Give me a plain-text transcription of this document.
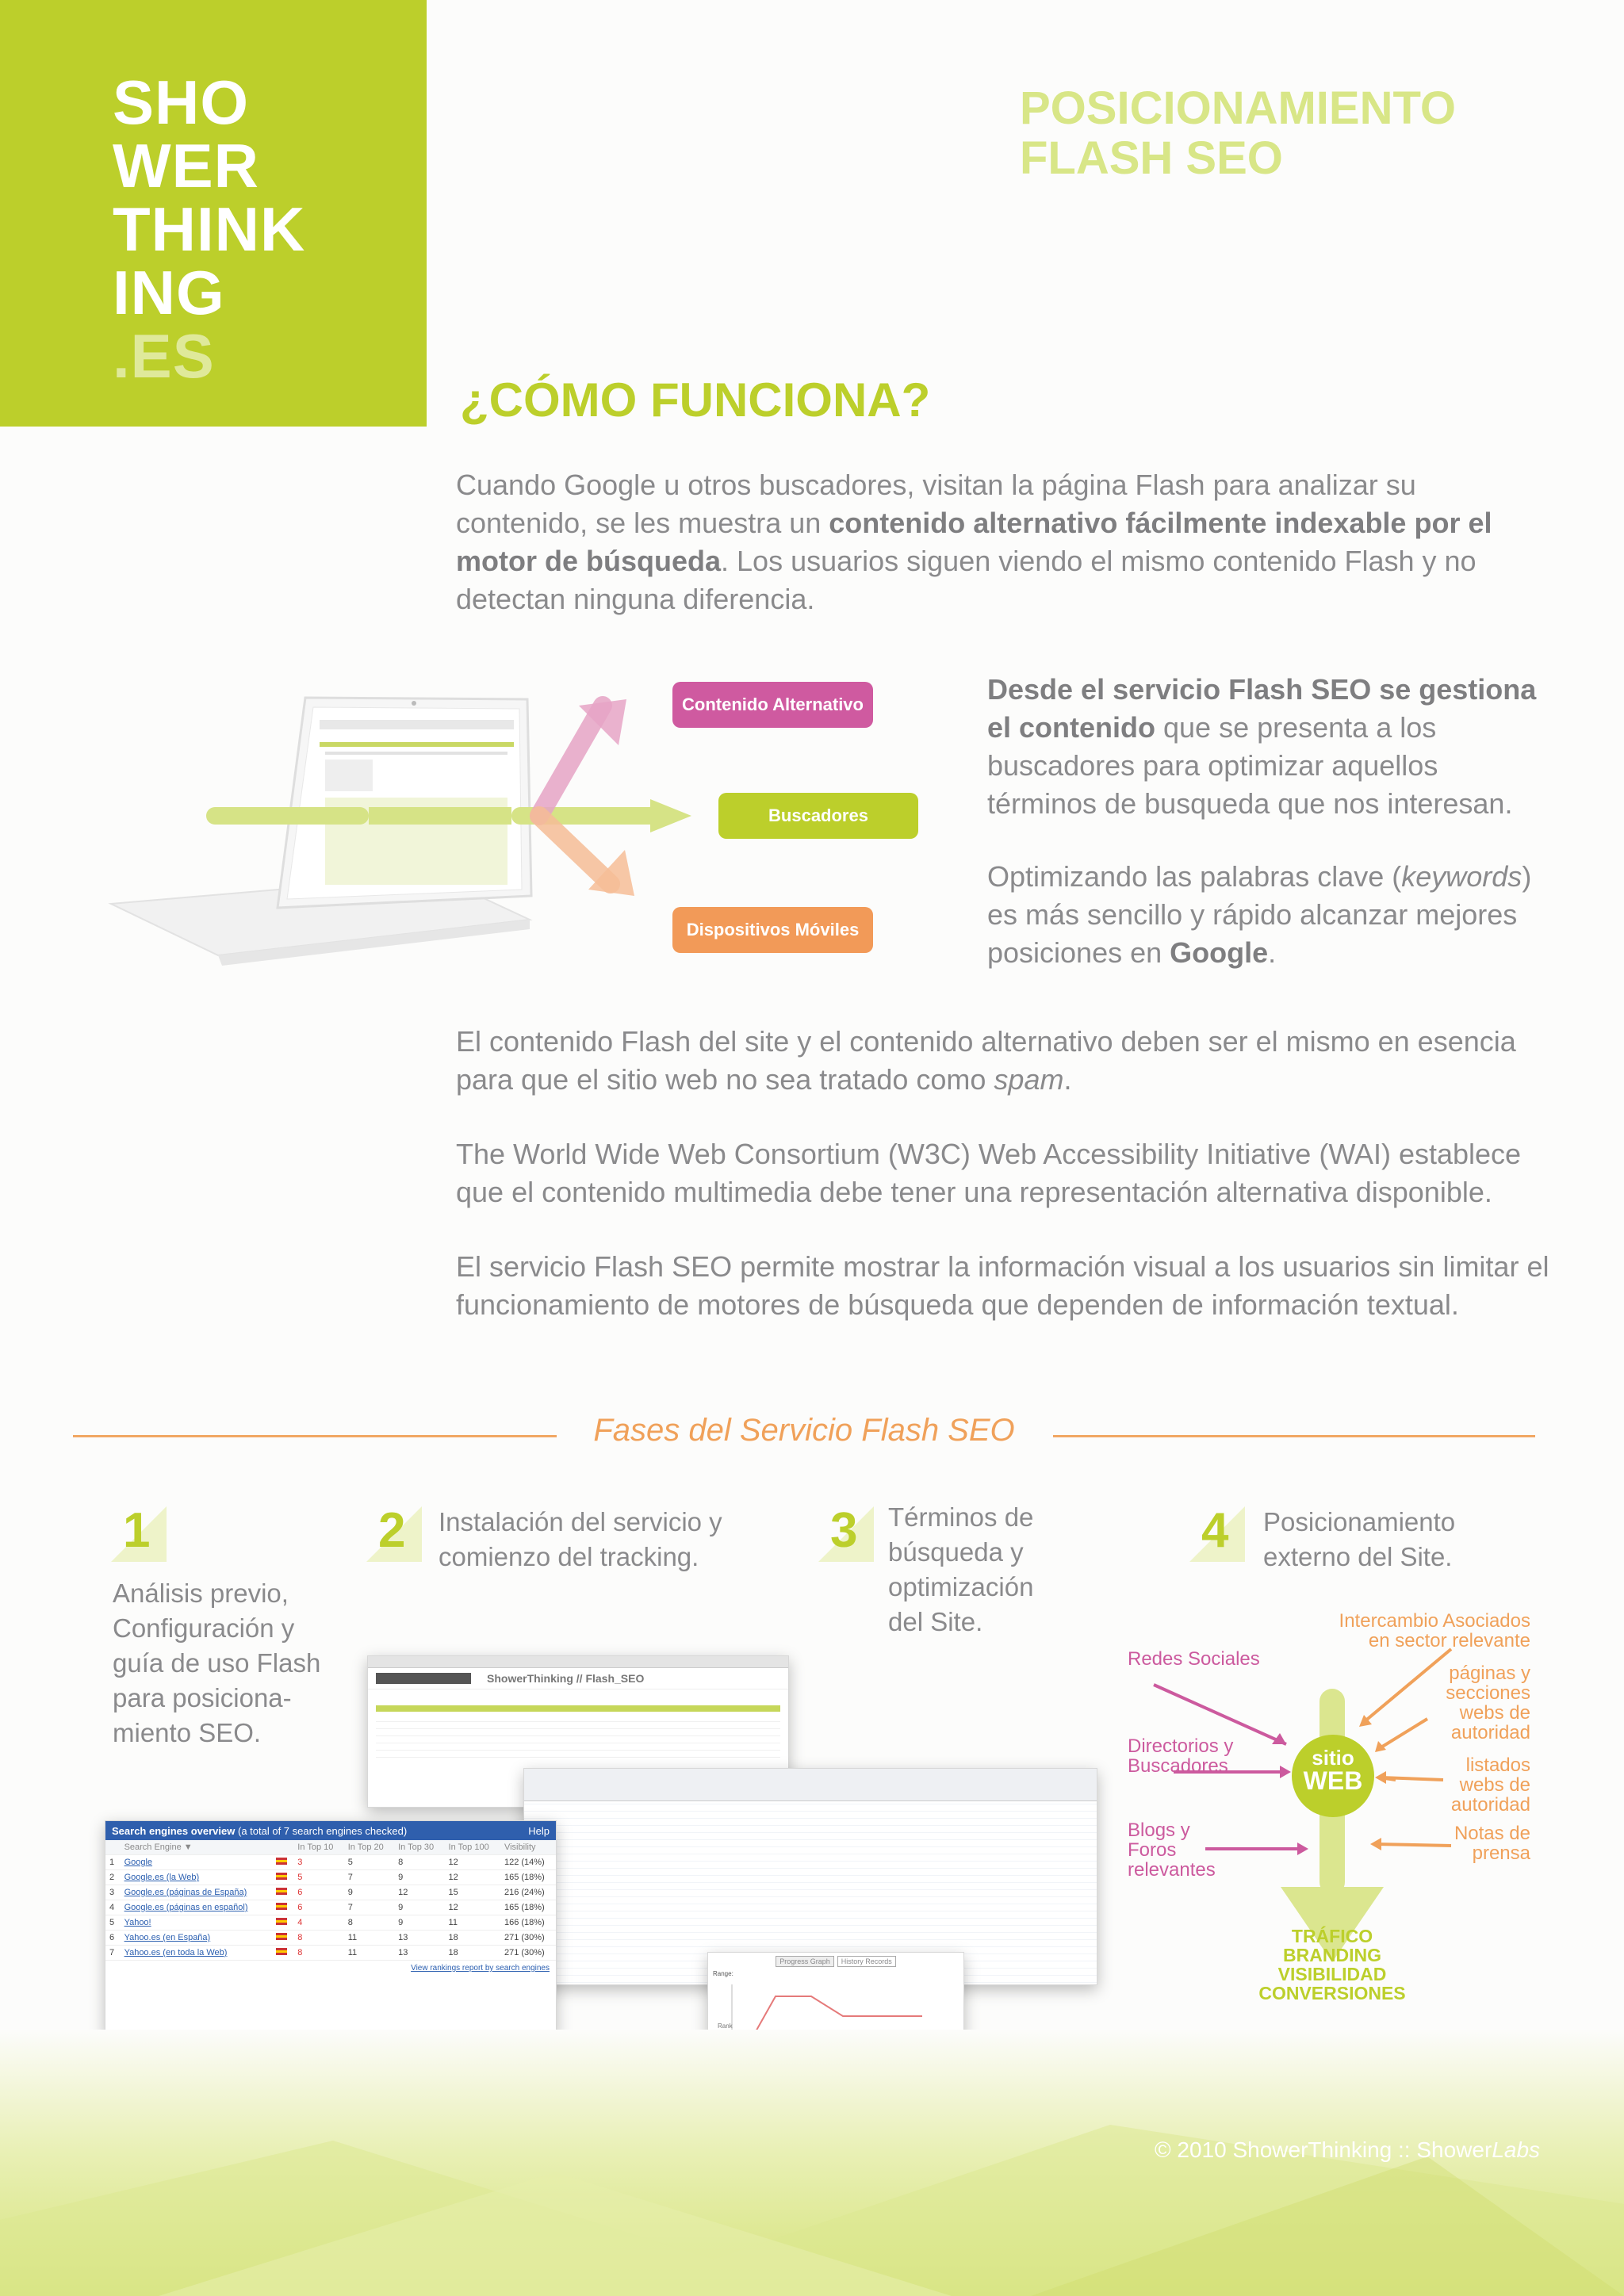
SHO
WER
THINK
ING
.ES
POSICIONAMIENTO
FLASH SEO
¿CÓMO FUNCIONA?
Cuando Google u otros buscadores, visitan la página Flash para analizar su contenido, se les muestra un contenido alternativo fácilmente indexable por el motor de búsqueda. Los usuarios siguen viendo el mismo contenido Flash y no detectan ninguna diferencia.
Contenido Alternativo
Buscadores
Dispositivos Móviles
Desde el servicio Flash SEO se gestiona el contenido que se presenta a los buscadores para optimizar aquellos términos de busqueda que nos interesan.
Optimizando las palabras clave (keywords) es más sencillo y rápido alcanzar mejores posiciones en Google.
El contenido Flash del site y el contenido alternativo deben ser el mismo en esencia para que el sitio web no sea tratado como spam.
The World Wide Web Consortium (W3C) Web Accessibility Initiative (WAI) establece que el contenido multimedia debe tener una representación alternativa disponible.
El servicio Flash SEO permite mostrar la información visual a los usuarios sin limitar el funcionamiento de motores de búsqueda que dependen de información textual.
Fases del Servicio Flash SEO
1
Análisis previo, Configuración y guía de uso Flash para posiciona-miento SEO.
2 Instalación del servicio y comienzo del tracking.	3 Términos de búsqueda y optimización del Site.
4 Posicionamiento externo del Site.
ShowerThinking // Flash_SEO
Progress Graph	History Records
Range:
Rank
Search engines overview (a total of 7 search engines checked)	Help
	Search Engine ▼		In Top 10	In Top 20	In Top 30	In Top 100	Visibility
1	Google		3	5	8	12	122 (14%)
2	Google.es (la Web)		5	7	9	12	165 (18%)
3	Google.es (páginas de España)		6	9	12	15	216 (24%)
4	Google.es (páginas en español)		6	7	9	12	165 (18%)
5	Yahoo!		4	8	9	11	166 (18%)
6	Yahoo.es (en España)		8	11	13	18	271 (30%)
7	Yahoo.es (en toda la Web)		8	11	13	18	271 (30%)
View rankings report by search engines
Redes Sociales
Directorios y Buscadores
Blogs y Foros relevantes
Intercambio Asociados en sector relevante
páginas y secciones webs de autoridad
listados webs de autoridad
Notas de prensa
sitio
WEB
TRÁFICO
BRANDING
VISIBILIDAD
CONVERSIONES
© 2010 ShowerThinking :: ShowerLabs
